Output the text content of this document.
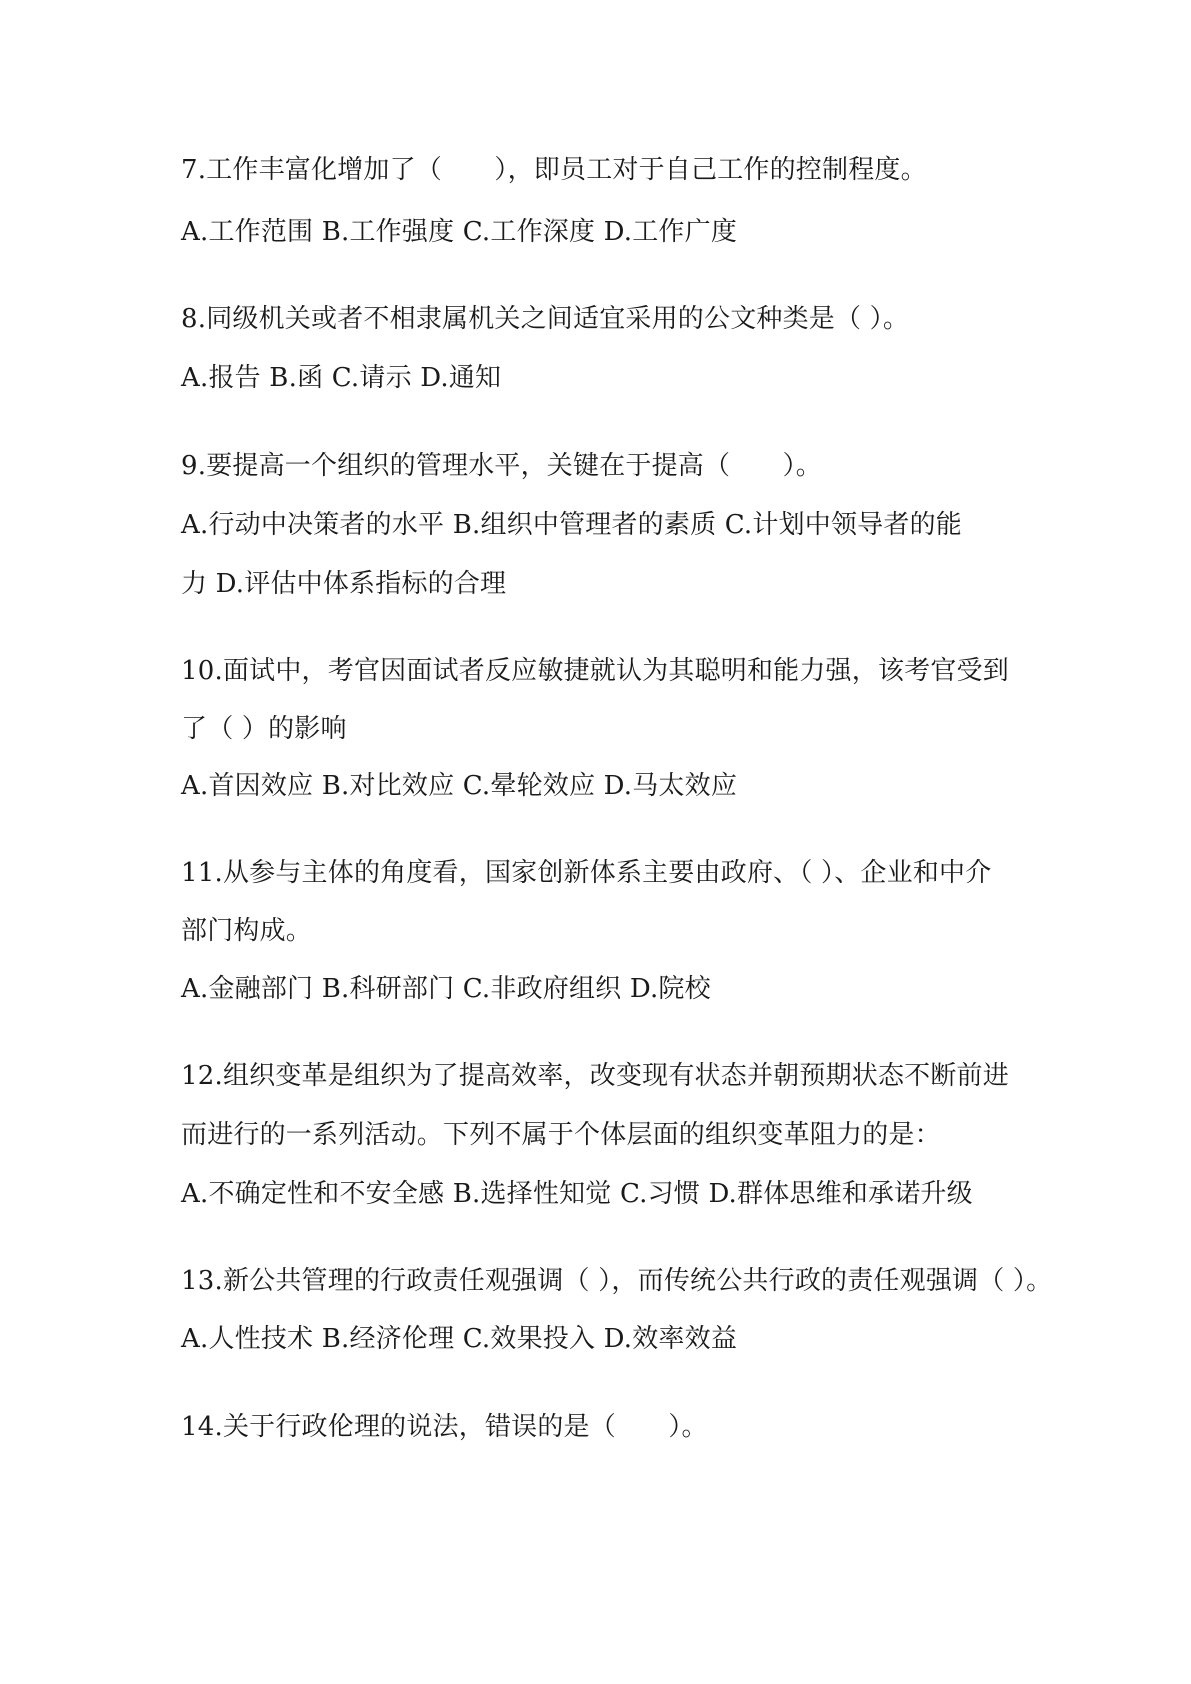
7.工作丰富化增加了（　　），即员工对于自己工作的控制程度。
A.工作范围 B.工作强度 C.工作深度 D.工作广度
8.同级机关或者不相隶属机关之间适宜采用的公文种类是（ ）。
A.报告 B.函 C.请示 D.通知
9.要提高一个组织的管理水平，关键在于提高（　　）。
A.行动中决策者的水平 B.组织中管理者的素质 C.计划中领导者的能
力 D.评估中体系指标的合理
10.面试中，考官因面试者反应敏捷就认为其聪明和能力强，该考官受到
了（ ）的影响
A.首因效应 B.对比效应 C.晕轮效应 D.马太效应
11.从参与主体的角度看，国家创新体系主要由政府、（ ）、企业和中介
部门构成。
A.金融部门 B.科研部门 C.非政府组织 D.院校
12.组织变革是组织为了提高效率，改变现有状态并朝预期状态不断前进
而进行的一系列活动。下列不属于个体层面的组织变革阻力的是：
A.不确定性和不安全感 B.选择性知觉 C.习惯 D.群体思维和承诺升级
13.新公共管理的行政责任观强调（ ），而传统公共行政的责任观强调（ ）。
A.人性技术 B.经济伦理 C.效果投入 D.效率效益
14.关于行政伦理的说法，错误的是（　　）。
